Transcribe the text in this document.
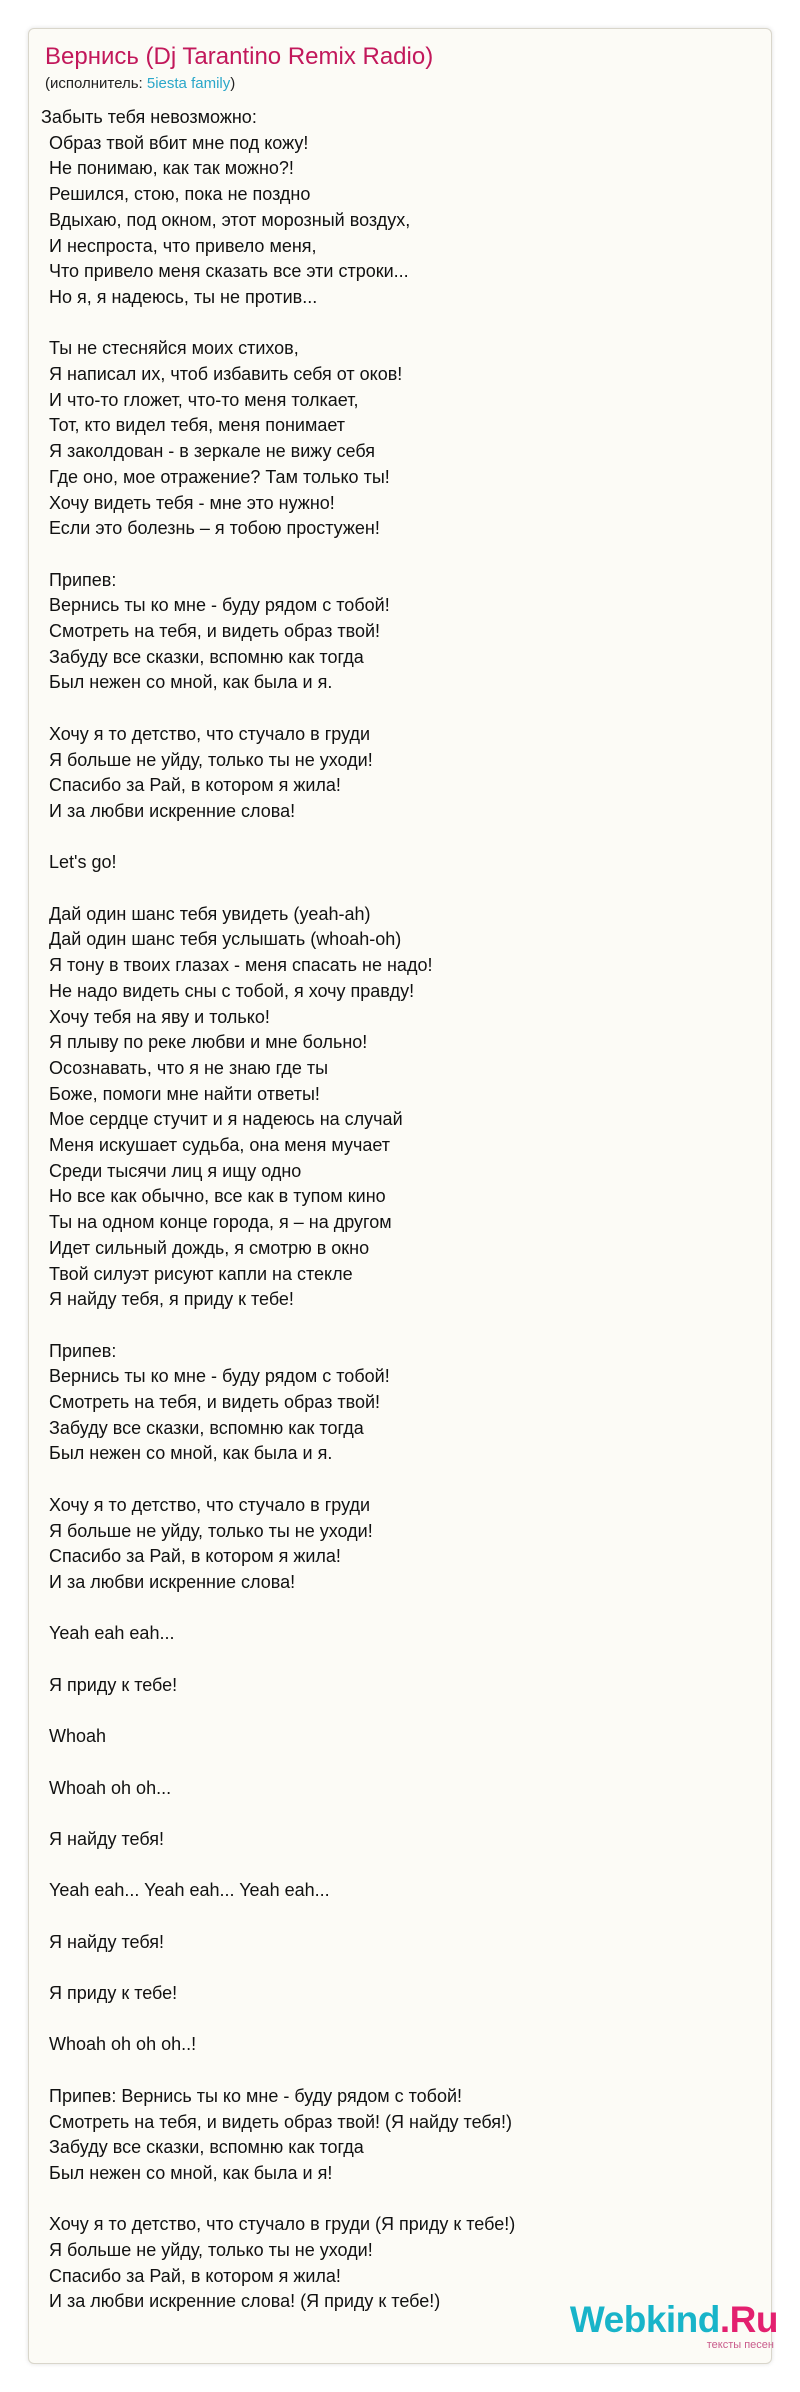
Вернись (Dj Tarantino Remix Radio)
(исполнитель: 5iesta family)
Забыть тебя невозможно:
Образ твой вбит мне под кожу!
Не понимаю, как так можно?!
Решился, стою, пока не поздно
Вдыхаю, под окном, этот морозный воздух,
И неспроста, что привело меня,
Что привело меня сказать все эти строки...
Но я, я надеюсь, ты не против...
Ты не стесняйся моих стихов,
Я написал их, чтоб избавить себя от оков!
И что-то гложет, что-то меня толкает,
Тот, кто видел тебя, меня понимает
Я заколдован - в зеркале не вижу себя
Где оно, мое отражение? Там только ты!
Хочу видеть тебя - мне это нужно!
Если это болезнь – я тобою простужен!
Припев:
Вернись ты ко мне - буду рядом с тобой!
Смотреть на тебя, и видеть образ твой!
Забуду все сказки, вспомню как тогда
Был нежен со мной, как была и я.
Хочу я то детство, что стучало в груди
Я больше не уйду, только ты не уходи!
Спасибо за Рай, в котором я жила!
И за любви искренние слова!
Let's go!
Дай один шанс тебя увидеть (yeah-ah)
Дай один шанс тебя услышать (whoah-oh)
Я тону в твоих глазах - меня спасать не надо!
Не надо видеть сны с тобой, я хочу правду!
Хочу тебя на яву и только!
Я плыву по реке любви и мне больно!
Осознавать, что я не знаю где ты
Боже, помоги мне найти ответы!
Мое сердце стучит и я надеюсь на случай
Меня искушает судьба, она меня мучает
Среди тысячи лиц я ищу одно
Но все как обычно, все как в тупом кино
Ты на одном конце города, я – на другом
Идет сильный дождь, я смотрю в окно
Твой силуэт рисуют капли на стекле
Я найду тебя, я приду к тебе!
Припев:
Вернись ты ко мне - буду рядом с тобой!
Смотреть на тебя, и видеть образ твой!
Забуду все сказки, вспомню как тогда
Был нежен со мной, как была и я.
Хочу я то детство, что стучало в груди
Я больше не уйду, только ты не уходи!
Спасибо за Рай, в котором я жила!
И за любви искренние слова!
Yeah eah eah...
Я приду к тебе!
Whoah
Whoah oh oh...
Я найду тебя!
Yeah eah... Yeah eah... Yeah eah...
Я найду тебя!
Я приду к тебе!
Whoah oh oh oh..!
Припев: Вернись ты ко мне - буду рядом с тобой!
Смотреть на тебя, и видеть образ твой! (Я найду тебя!)
Забуду все сказки, вспомню как тогда
Был нежен со мной, как была и я!
Хочу я то детство, что стучало в груди (Я приду к тебе!)
Я больше не уйду, только ты не уходи!
Спасибо за Рай, в котором я жила!
И за любви искренние слова! (Я приду к тебе!)	Webkind.Ru
тексты песен
